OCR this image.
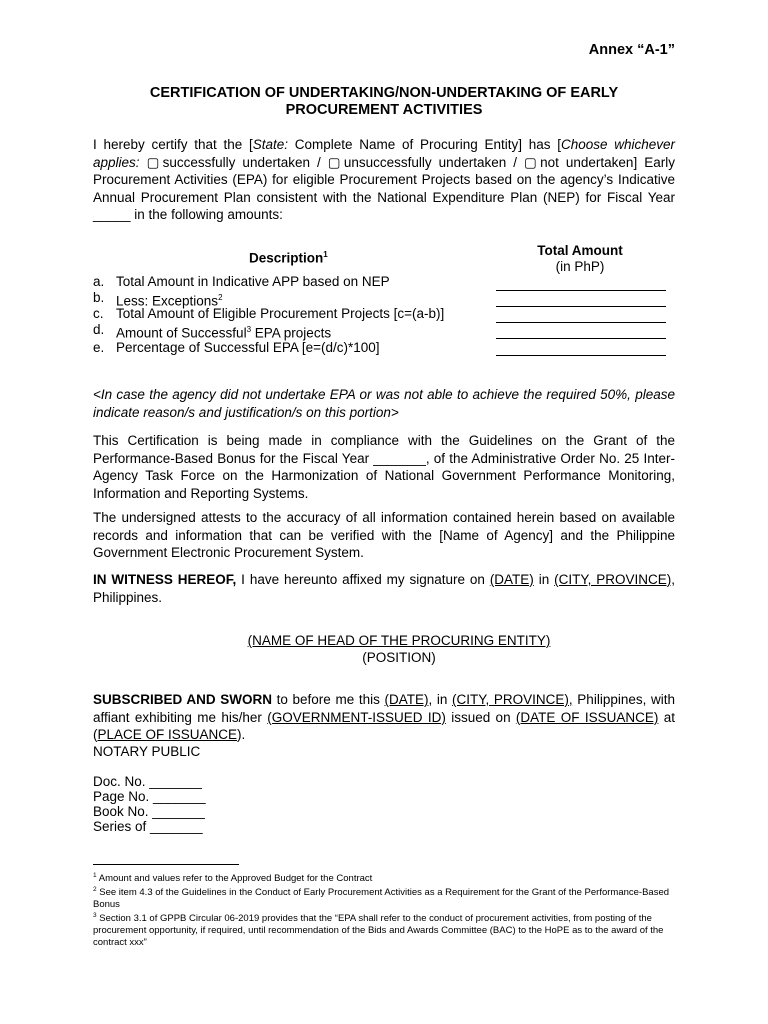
Annex “A-1”
CERTIFICATION OF UNDERTAKING/NON-UNDERTAKING OF EARLY
PROCUREMENT ACTIVITIES
I hereby certify that the [State: Complete Name of Procuring Entity] has [Choose whichever applies: ▢successfully undertaken / ▢unsuccessfully undertaken / ▢not undertaken] Early Procurement Activities (EPA) for eligible Procurement Projects based on the agency’s Indicative Annual Procurement Plan consistent with the National Expenditure Plan (NEP) for Fiscal Year _____ in the following amounts:
Description$^1$	Total Amount
(in PhP)
a. Total Amount in Indicative APP based on NEP
b. Less: Exceptions$^2$
c. Total Amount of Eligible Procurement Projects [c=(a-b)]
d. Amount of Successful$^3$ EPA projects
e. Percentage of Successful EPA [e=(d/c)*100]
<In case the agency did not undertake EPA or was not able to achieve the required 50%, please indicate reason/s and justification/s on this portion>
This Certification is being made in compliance with the Guidelines on the Grant of the Performance-Based Bonus for the Fiscal Year _______, of the Administrative Order No. 25 Inter-Agency Task Force on the Harmonization of National Government Performance Monitoring, Information and Reporting Systems.
The undersigned attests to the accuracy of all information contained herein based on available records and information that can be verified with the [Name of Agency] and the Philippine Government Electronic Procurement System.
IN WITNESS HEREOF, I have hereunto affixed my signature on (DATE) in (CITY, PROVINCE), Philippines.
(NAME OF HEAD OF THE PROCURING ENTITY)
(POSITION)
SUBSCRIBED AND SWORN to before me this (DATE), in (CITY, PROVINCE), Philippines, with affiant exhibiting me his/her (GOVERNMENT-ISSUED ID) issued on (DATE OF ISSUANCE) at (PLACE OF ISSUANCE).
NOTARY PUBLIC
Doc. No. _______
Page No. _______
Book No. _______
Series of _______
$^1$ Amount and values refer to the Approved Budget for the Contract
$^2$ See item 4.3 of the Guidelines in the Conduct of Early Procurement Activities as a Requirement for the Grant of the Performance-Based Bonus
$^3$ Section 3.1 of GPPB Circular 06-2019 provides that the “EPA shall refer to the conduct of procurement activities, from posting of the procurement opportunity, if required, until recommendation of the Bids and Awards Committee (BAC) to the HoPE as to the award of the contract xxx”
